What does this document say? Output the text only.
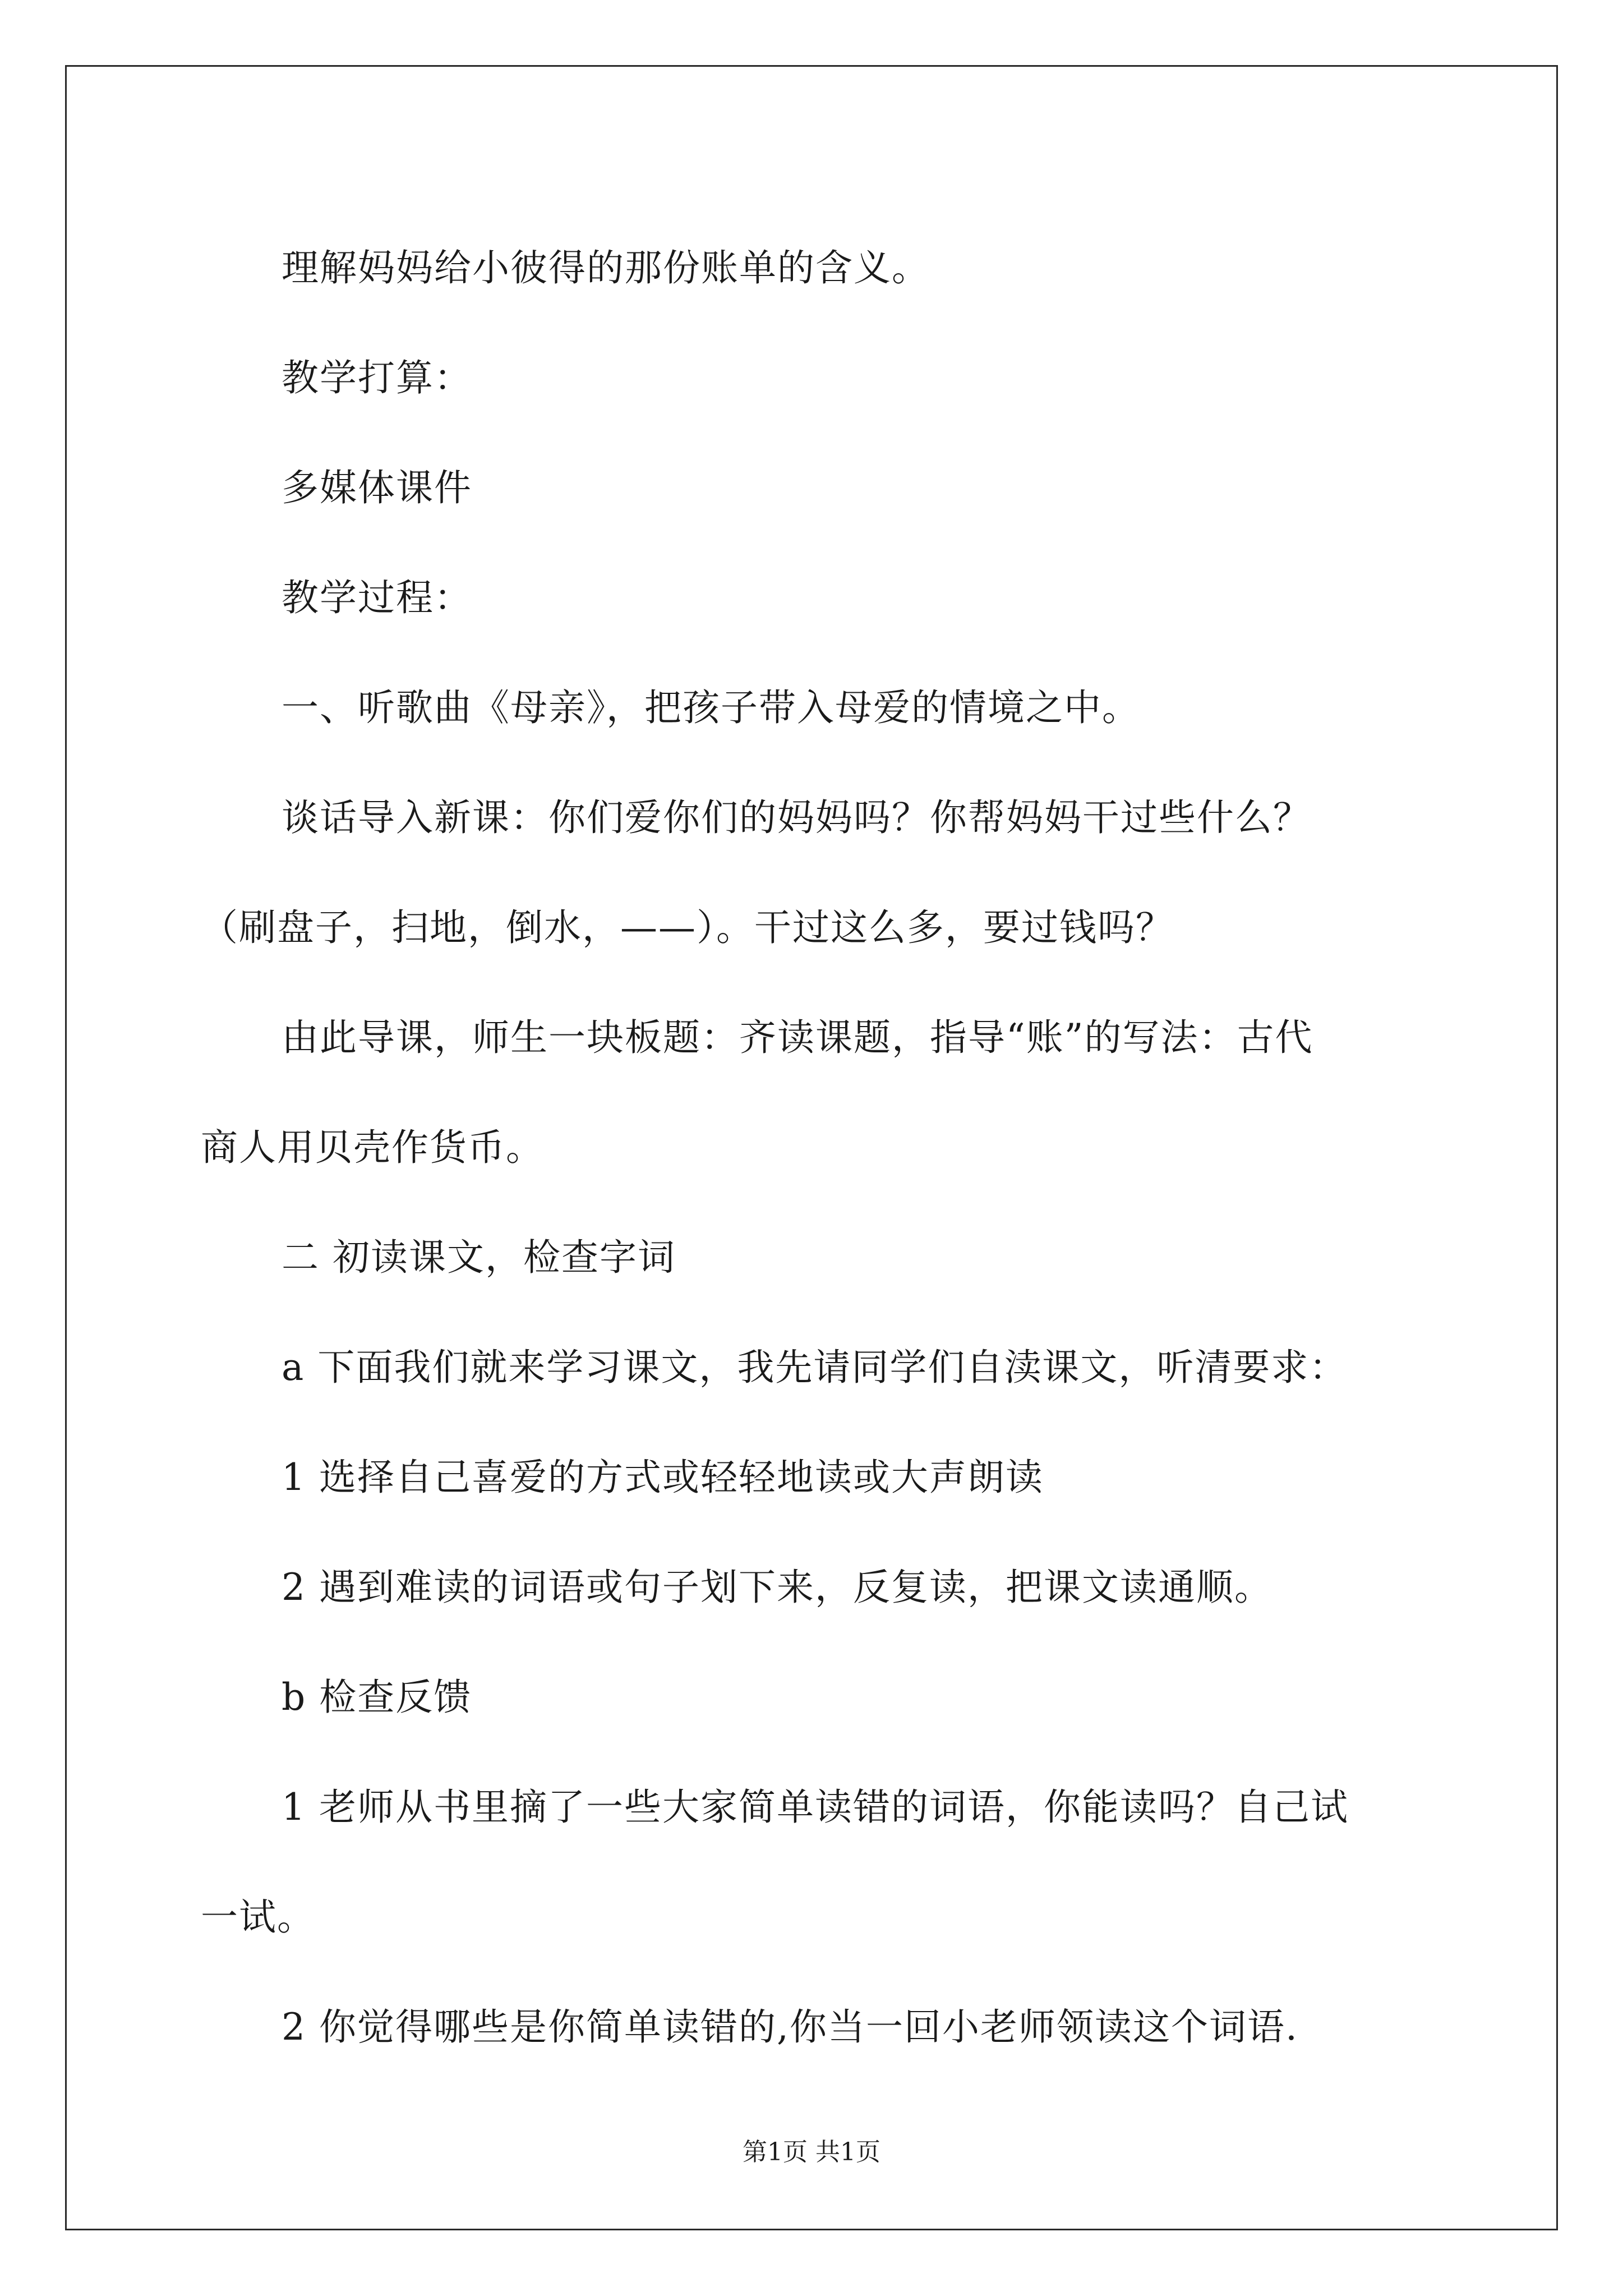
理解妈妈给小彼得的那份账单的含义。

教学打算：

多媒体课件

教学过程：

一、听歌曲《母亲》，把孩子带入母爱的情境之中。

谈话导入新课：你们爱你们的妈妈吗？你帮妈妈干过些什么？

（刷盘子，扫地，倒水，——）。干过这么多，要过钱吗？

由此导课，师生一块板题：齐读课题，指导“账”的写法：古代

商人用贝壳作货币。

二 初读课文，检查字词

a 下面我们就来学习课文，我先请同学们自渎课文，听清要求：

1 选择自己喜爱的方式或轻轻地读或大声朗读

2 遇到难读的词语或句子划下来，反复读，把课文读通顺。

b 检查反馈

1 老师从书里摘了一些大家简单读错的词语，你能读吗？自己试

一试。

2 你觉得哪些是你简单读错的,你当一回小老师领读这个词语.

第1页 共1页
